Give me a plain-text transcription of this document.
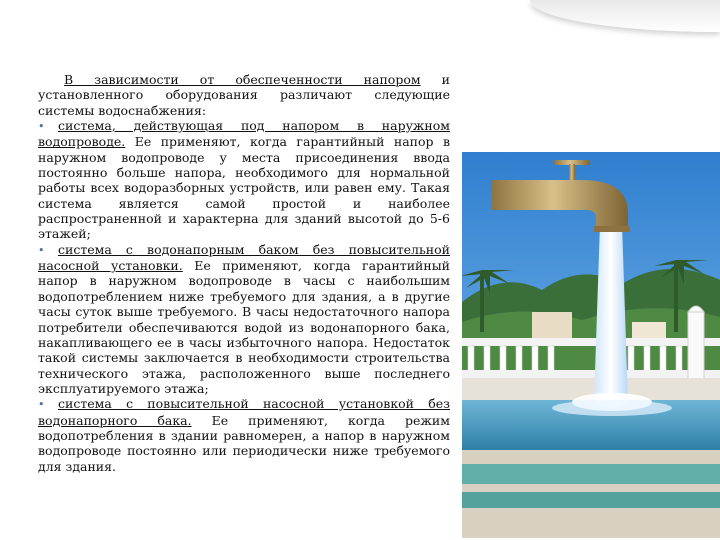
В зависимости от обеспеченности напором и установленного оборудования различают следующие системы водоснабжения:

• система, действующая под напором в наружном водопроводе. Ее применяют, когда гарантийный напор в наружном водопроводе у места присоединения ввода постоянно больше напора, необходимого для нормальной работы всех водоразборных устройств, или равен ему. Такая система является самой простой и наиболее распространенной и характерна для зданий высотой до 5-6 этажей;

• система с водонапорным баком без повысительной насосной установки. Ее применяют, когда гарантийный напор в наружном водопроводе в часы с наибольшим водопотреблением ниже требуемого для здания, а в другие часы суток выше требуемого. В часы недостаточного напора потребители обеспечиваются водой из водонапорного бака, накапливающего ее в часы избыточного напора. Недостаток такой системы заключается в необходимости строительства технического этажа, расположенного выше последнего эксплуатируемого этажа;

• система с повысительной насосной установкой без водонапорного бака. Ее применяют, когда режим водопотребления в здании равномерен, а напор в наружном водопроводе постоянно или периодически ниже требуемого для здания.
